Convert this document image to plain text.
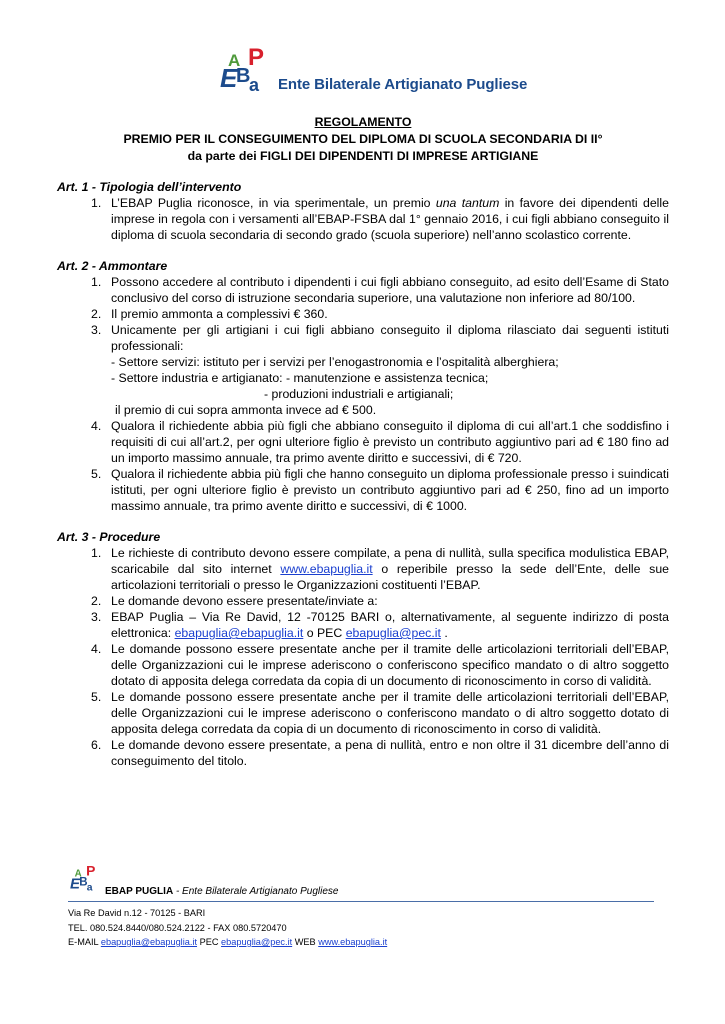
P
A
E
B
a Ente Bilaterale Artigianato Pugliese
REGOLAMENTO
PREMIO PER IL CONSEGUIMENTO DEL DIPLOMA DI SCUOLA SECONDARIA DI II°
da parte dei FIGLI DEI DIPENDENTI DI IMPRESE ARTIGIANE

Art. 1 - Tipologia dell’intervento

1. L’EBAP Puglia riconosce, in via sperimentale, un premio una tantum in favore dei dipendenti delle imprese in regola con i versamenti all’EBAP-FSBA dal 1° gennaio 2016, i cui figli abbiano conseguito il diploma di scuola secondaria di secondo grado (scuola superiore) nell’anno scolastico corrente.

Art. 2 - Ammontare

1. Possono accedere al contributo i dipendenti i cui figli abbiano conseguito, ad esito dell’Esame di Stato conclusivo del corso di istruzione secondaria superiore, una valutazione non inferiore ad 80/100.
2. Il premio ammonta a complessivi € 360.
3. Unicamente per gli artigiani i cui figli abbiano conseguito il diploma rilasciato dai seguenti istituti professionali:
- Settore servizi: istituto per i servizi per l’enogastronomia e l’ospitalità alberghiera;
- Settore industria e artigianato: - manutenzione e assistenza tecnica;
- produzioni industriali e artigianali;
il premio di cui sopra ammonta invece ad € 500.
4. Qualora il richiedente abbia più figli che abbiano conseguito il diploma di cui all’art.1 che soddisfino i requisiti di cui all’art.2, per ogni ulteriore figlio è previsto un contributo aggiuntivo pari ad € 180 fino ad un importo massimo annuale, tra primo avente diritto e successivi, di € 720.
5. Qualora il richiedente abbia più figli che hanno conseguito un diploma professionale presso i suindicati istituti, per ogni ulteriore figlio è previsto un contributo aggiuntivo pari ad € 250, fino ad un importo massimo annuale, tra primo avente diritto e successivi, di € 1000.

Art. 3 - Procedure

1. Le richieste di contributo devono essere compilate, a pena di nullità, sulla specifica modulistica EBAP, scaricabile dal sito internet www.ebapuglia.it o reperibile presso la sede dell’Ente, delle sue articolazioni territoriali o presso le Organizzazioni costituenti l’EBAP.
2. Le domande devono essere presentate/inviate a:
3. EBAP Puglia – Via Re David, 12 -70125 BARI o, alternativamente, al seguente indirizzo di posta elettronica: ebapuglia@ebapuglia.it o PEC ebapuglia@pec.it .
4. Le domande possono essere presentate anche per il tramite delle articolazioni territoriali dell’EBAP, delle Organizzazioni cui le imprese aderiscono o conferiscono specifico mandato o di altro soggetto dotato di apposita delega corredata da copia di un documento di riconoscimento in corso di validità.
5. Le domande possono essere presentate anche per il tramite delle articolazioni territoriali dell’EBAP, delle Organizzazioni cui le imprese aderiscono o conferiscono mandato o di altro soggetto dotato di apposita delega corredata da copia di un documento di riconoscimento in corso di validità.
6. Le domande devono essere presentate, a pena di nullità, entro e non oltre il 31 dicembre dell’anno di conseguimento del titolo.
P
A
E B a EBAP PUGLIA - Ente Bilaterale Artigianato Pugliese
Via Re David n.12 - 70125 - BARI
TEL. 080.524.8440/080.524.2122 - FAX 080.5720470
E-MAIL ebapuglia@ebapuglia.it PEC ebapuglia@pec.it WEB www.ebapuglia.it
